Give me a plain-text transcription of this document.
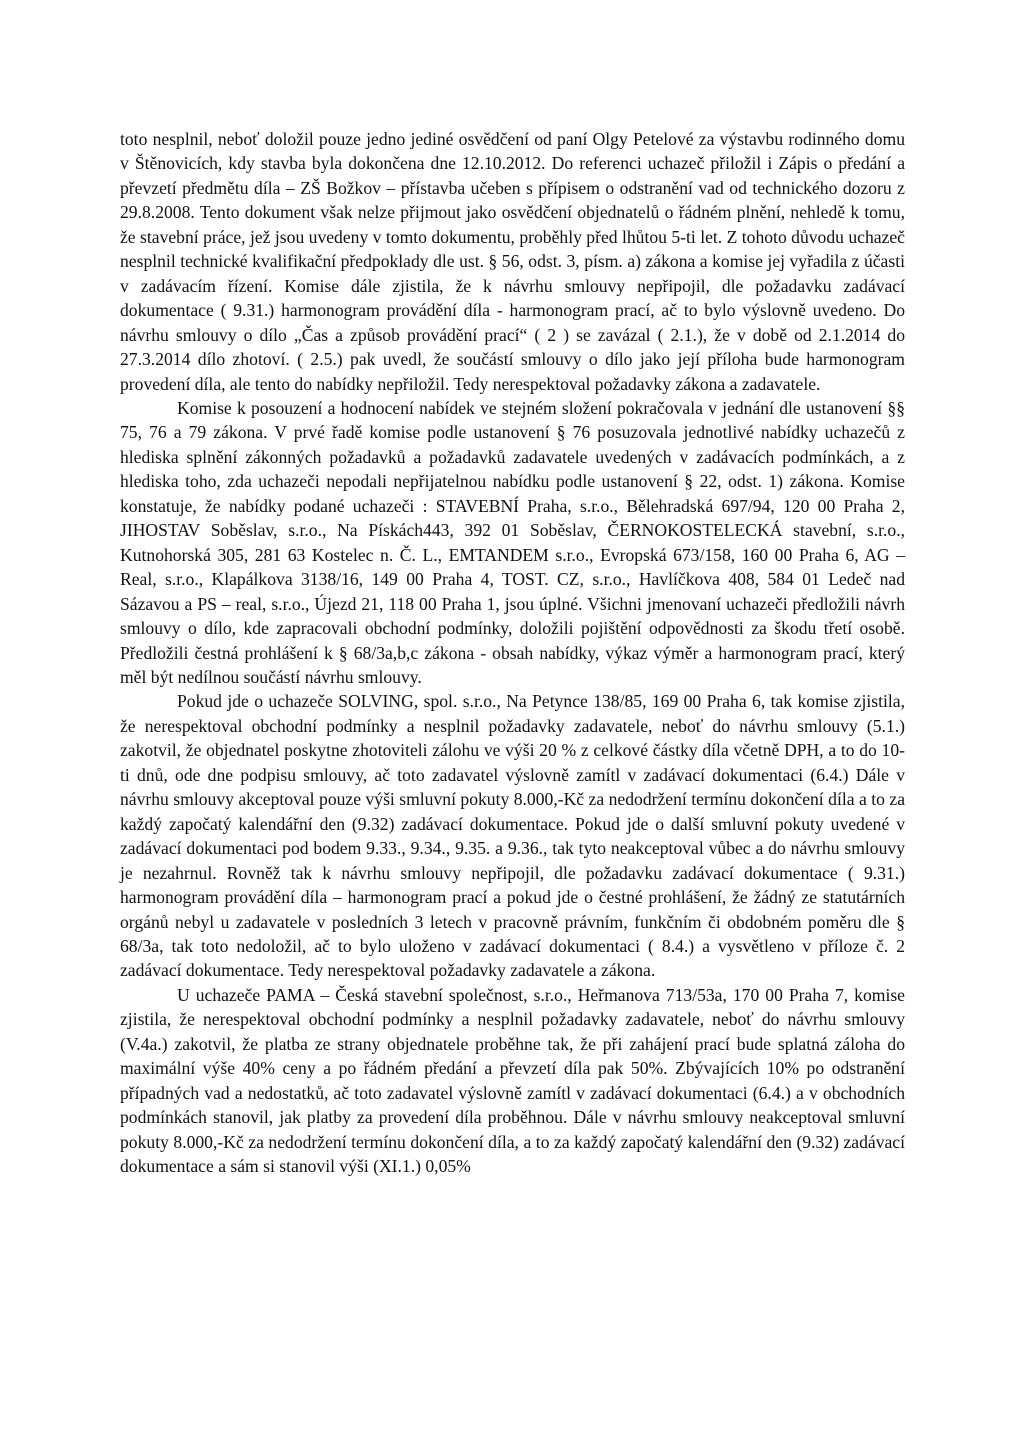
toto nesplnil, neboť doložil pouze jedno jediné osvědčení od paní Olgy Petelové za výstavbu rodinného domu v Štěnovicích, kdy stavba byla dokončena dne 12.10.2012. Do referenci uchazeč přiložil i Zápis o předání a převzetí předmětu díla – ZŠ Božkov – přístavba učeben s přípisem o odstranění vad od technického dozoru z 29.8.2008. Tento dokument však nelze přijmout jako osvědčení objednatelů o řádném plnění, nehledě k tomu, že stavební práce, jež jsou uvedeny v tomto dokumentu, proběhly před lhůtou 5-ti let. Z tohoto důvodu uchazeč nesplnil technické kvalifikační předpoklady dle ust. § 56, odst. 3, písm. a) zákona a komise jej vyřadila z účasti v zadávacím řízení. Komise dále zjistila, že k návrhu smlouvy nepřipojil, dle požadavku zadávací dokumentace ( 9.31.) harmonogram provádění díla - harmonogram prací, ač to bylo výslovně uvedeno. Do návrhu smlouvy o dílo „Čas a způsob provádění prací“ ( 2 ) se zavázal ( 2.1.), že v době od 2.1.2014 do 27.3.2014 dílo zhotoví. ( 2.5.) pak uvedl, že součástí smlouvy o dílo jako její příloha bude harmonogram provedení díla, ale tento do nabídky nepřiložil. Tedy nerespektoval požadavky zákona a zadavatele.

Komise k posouzení a hodnocení nabídek ve stejném složení pokračovala v jednání dle ustanovení §§ 75, 76 a 79 zákona. V prvé řadě komise podle ustanovení § 76 posuzovala jednotlivé nabídky uchazečů z hlediska splnění zákonných požadavků a požadavků zadavatele uvedených v zadávacích podmínkách, a z hlediska toho, zda uchazeči nepodali nepřijatelnou nabídku podle ustanovení § 22, odst. 1) zákona. Komise konstatuje, že nabídky podané uchazeči : STAVEBNÍ Praha, s.r.o., Bělehradská 697/94, 120 00 Praha 2, JIHOSTAV Soběslav, s.r.o., Na Pískách443, 392 01 Soběslav, ČERNOKOSTELECKÁ stavební, s.r.o., Kutnohorská 305, 281 63 Kostelec n. Č. L., EMTANDEM s.r.o., Evropská 673/158, 160 00 Praha 6, AG – Real, s.r.o., Klapálkova 3138/16, 149 00 Praha 4, TOST. CZ, s.r.o., Havlíčkova 408, 584 01 Ledeč nad Sázavou a PS – real, s.r.o., Újezd 21, 118 00 Praha 1, jsou úplné. Všichni jmenovaní uchazeči předložili návrh smlouvy o dílo, kde zapracovali obchodní podmínky, doložili pojištění odpovědnosti za škodu třetí osobě. Předložili čestná prohlášení k § 68/3a,b,c zákona - obsah nabídky, výkaz výměr a harmonogram prací, který měl být nedílnou součástí návrhu smlouvy.

Pokud jde o uchazeče SOLVING, spol. s.r.o., Na Petynce 138/85, 169 00 Praha 6, tak komise zjistila, že nerespektoval obchodní podmínky a nesplnil požadavky zadavatele, neboť do návrhu smlouvy (5.1.) zakotvil, že objednatel poskytne zhotoviteli zálohu ve výši 20 % z celkové částky díla včetně DPH, a to do 10-ti dnů, ode dne podpisu smlouvy, ač toto zadavatel výslovně zamítl v zadávací dokumentaci (6.4.) Dále v návrhu smlouvy akceptoval pouze výši smluvní pokuty 8.000,-Kč za nedodržení termínu dokončení díla a to za každý započatý kalendářní den (9.32) zadávací dokumentace. Pokud jde o další smluvní pokuty uvedené v zadávací dokumentaci pod bodem 9.33., 9.34., 9.35. a 9.36., tak tyto neakceptoval vůbec a do návrhu smlouvy je nezahrnul. Rovněž tak k návrhu smlouvy nepřipojil, dle požadavku zadávací dokumentace ( 9.31.) harmonogram provádění díla – harmonogram prací a pokud jde o čestné prohlášení, že žádný ze statutárních orgánů nebyl u zadavatele v posledních 3 letech v pracovně právním, funkčním či obdobném poměru dle § 68/3a, tak toto nedoložil, ač to bylo uloženo v zadávací dokumentaci ( 8.4.) a vysvětleno v příloze č. 2 zadávací dokumentace. Tedy nerespektoval požadavky zadavatele a zákona.

U uchazeče PAMA – Česká stavební společnost, s.r.o., Heřmanova 713/53a, 170 00 Praha 7, komise zjistila, že nerespektoval obchodní podmínky a nesplnil požadavky zadavatele, neboť do návrhu smlouvy (V.4a.) zakotvil, že platba ze strany objednatele proběhne tak, že při zahájení prací bude splatná záloha do maximální výše 40% ceny a po řádném předání a převzetí díla pak 50%. Zbývajících 10% po odstranění případných vad a nedostatků, ač toto zadavatel výslovně zamítl v zadávací dokumentaci (6.4.) a v obchodních podmínkách stanovil, jak platby za provedení díla proběhnou. Dále v návrhu smlouvy neakceptoval smluvní pokuty 8.000,-Kč za nedodržení termínu dokončení díla, a to za každý započatý kalendářní den (9.32) zadávací dokumentace a sám si stanovil výši (XI.1.) 0,05%
